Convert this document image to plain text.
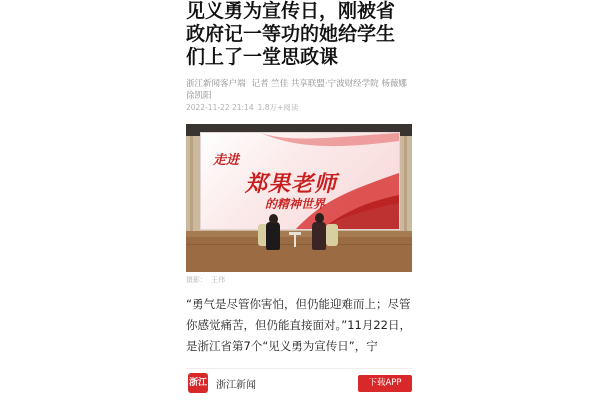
见义勇为宣传日，刚被省政府记一等功的她给学生们上了一堂思政课
浙江新闻客户端 记者 竺佳 共享联盟·宁波财经学院 杨薇娜 徐凯阳
2022-11-22 21:14 1.8万+阅读
走进
郑果老师
的精神世界
摄影： 王伟

“勇气是尽管你害怕，但仍能迎难而上；尽管你感觉痛苦，但仍能直接面对。”11月22日，是浙江省第7个“见义勇为宣传日”，宁

浙江 浙江新闻	下载APP
